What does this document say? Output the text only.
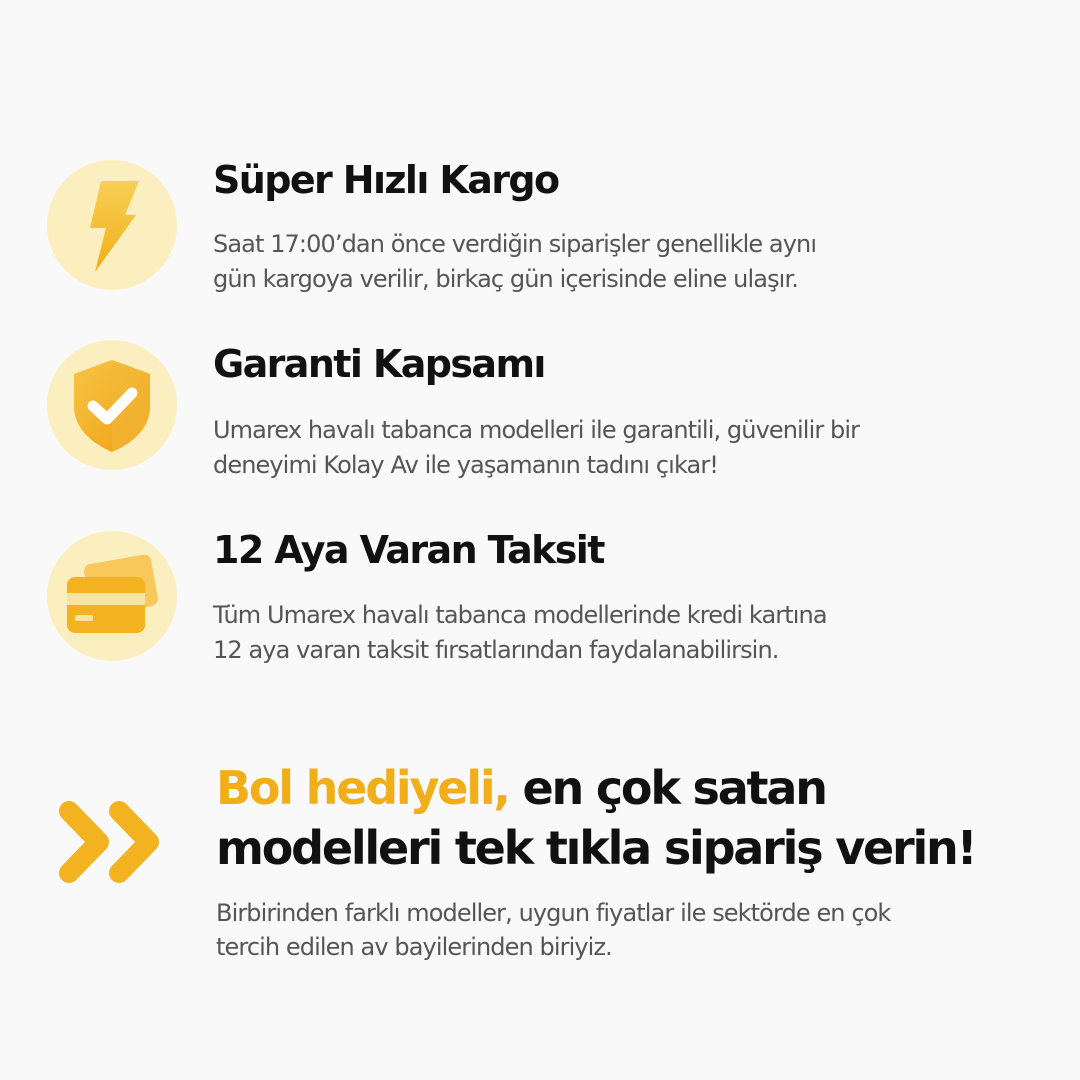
Süper Hızlı Kargo

Saat 17:00’dan önce verdiğin siparişler genellikle aynı
gün kargoya verilir, birkaç gün içerisinde eline ulaşır.

Garanti Kapsamı

Umarex havalı tabanca modelleri ile garantili, güvenilir bir
deneyimi Kolay Av ile yaşamanın tadını çıkar!

12 Aya Varan Taksit

Tüm Umarex havalı tabanca modellerinde kredi kartına
12 aya varan taksit fırsatlarından faydalanabilirsin.

Bol hediyeli, en çok satan
modelleri tek tıkla sipariş verin!

Birbirinden farklı modeller, uygun fiyatlar ile sektörde en çok
tercih edilen av bayilerinden biriyiz.
